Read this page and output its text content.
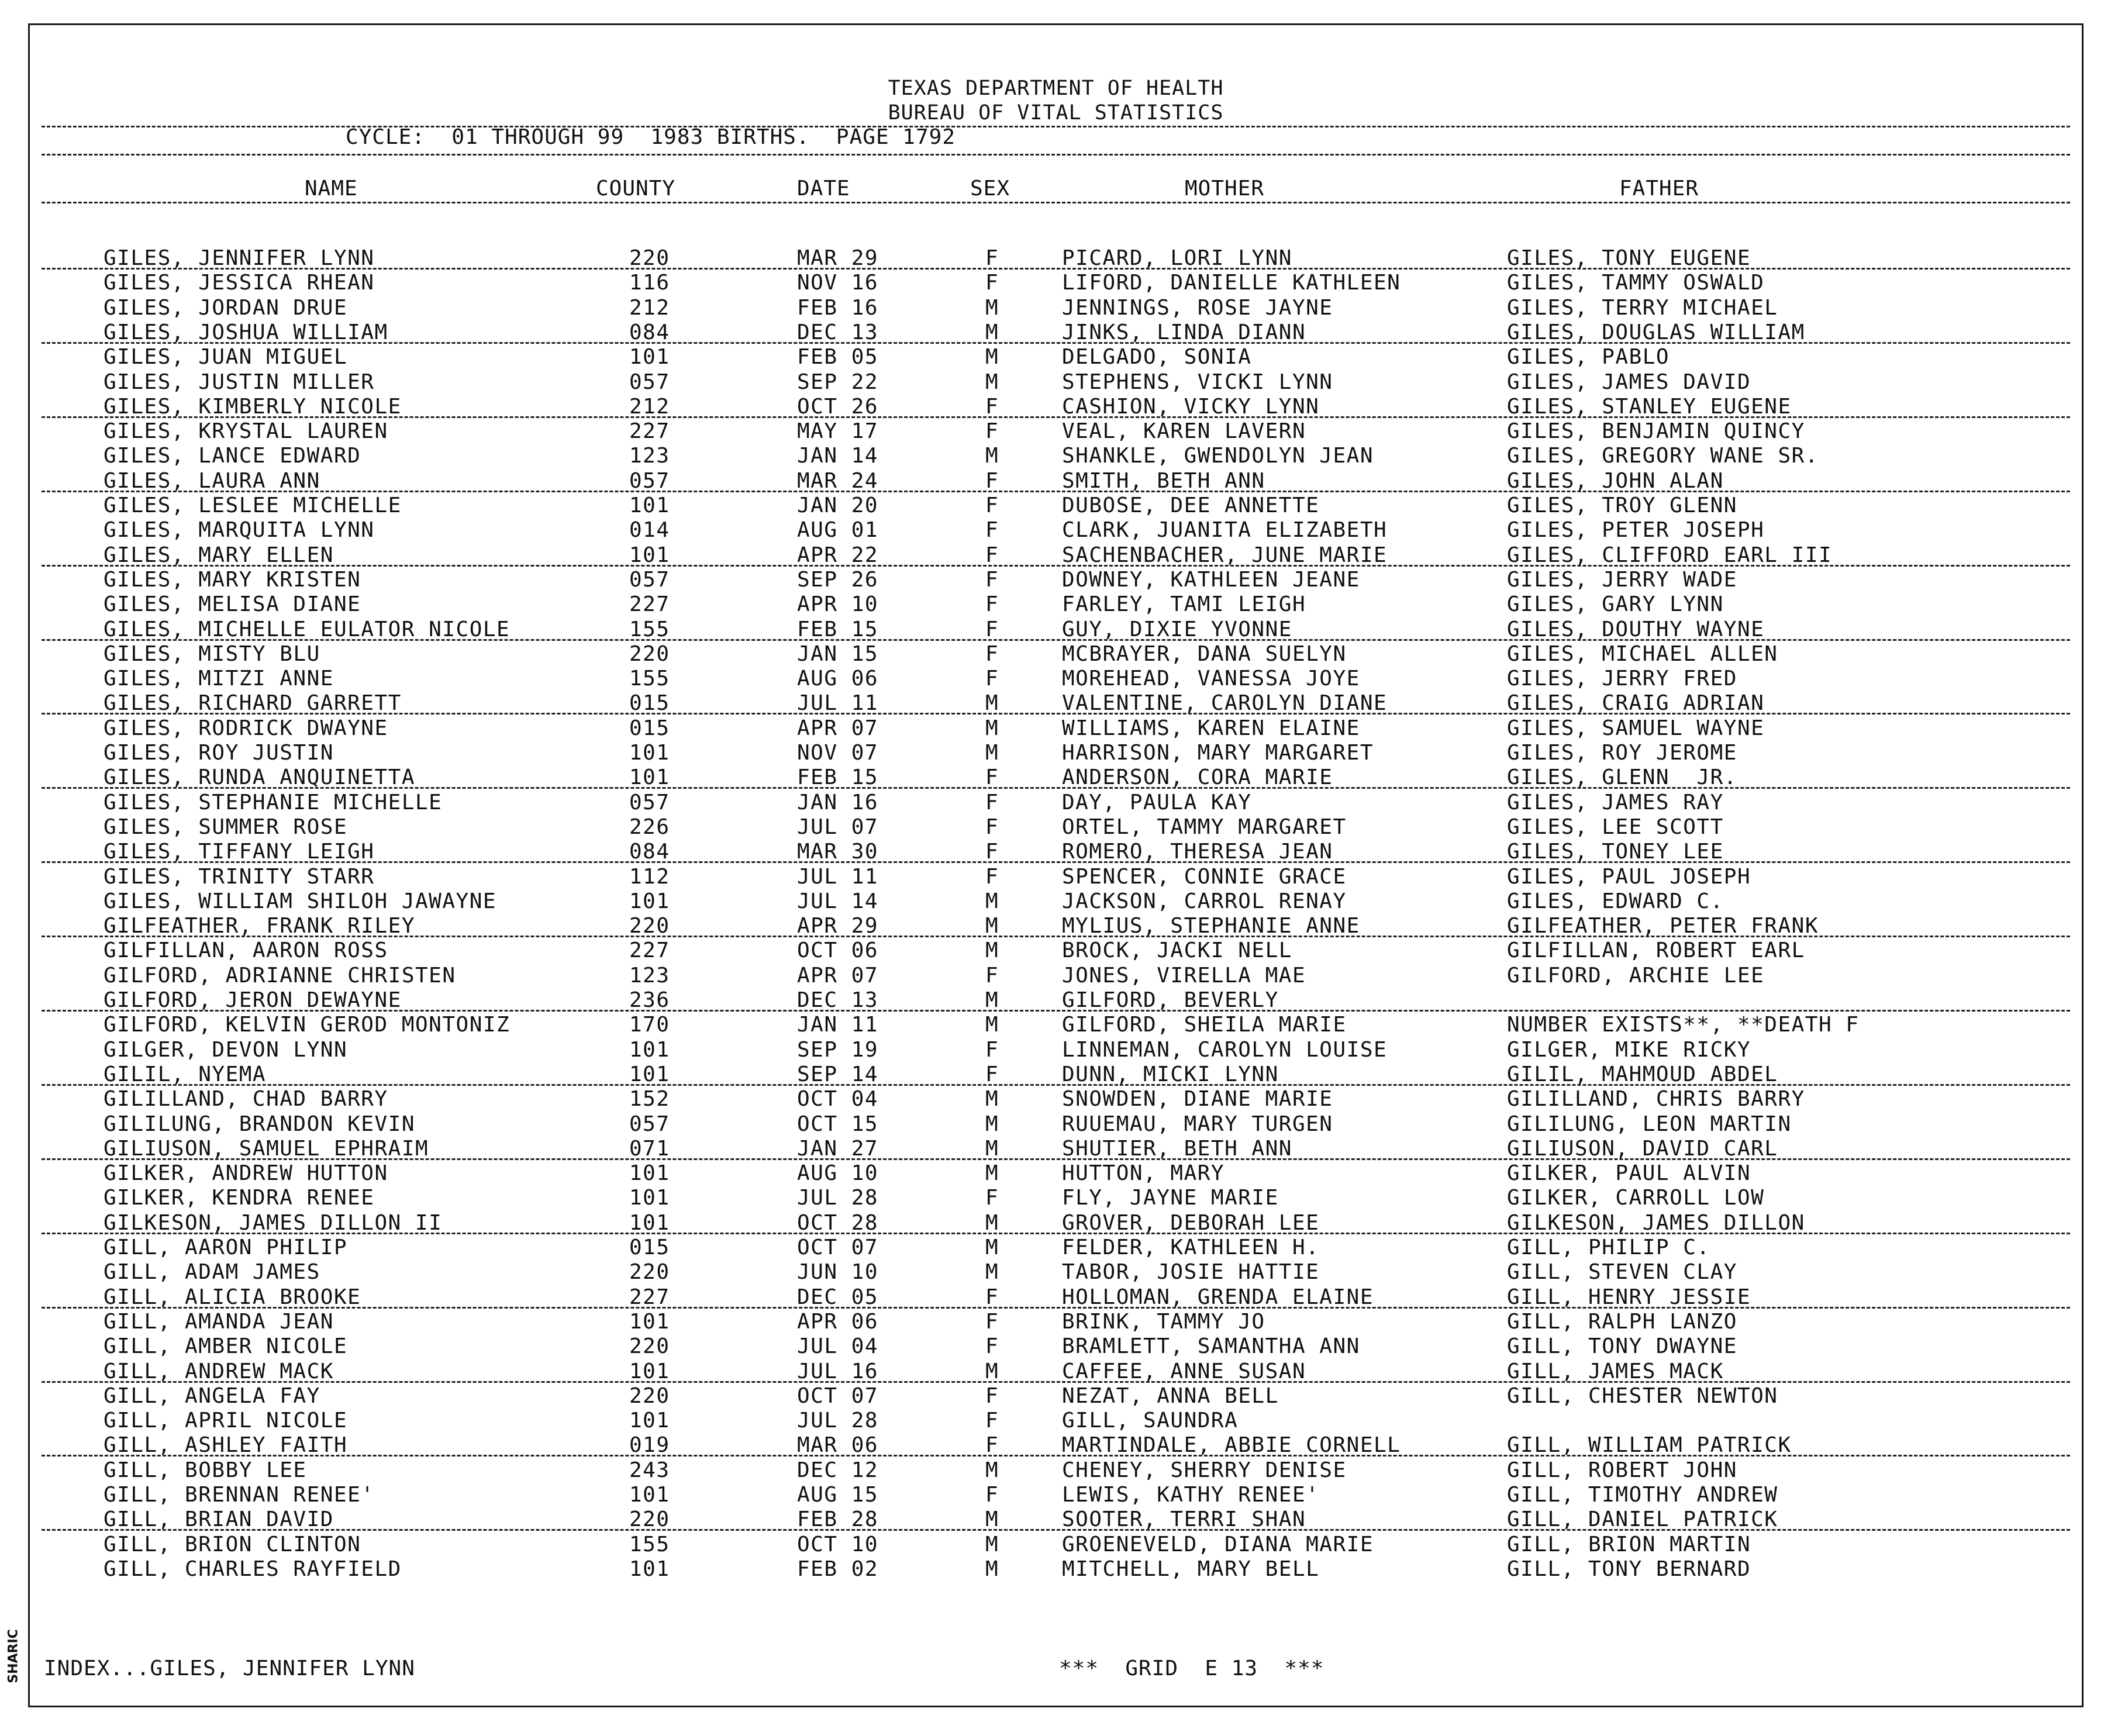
TEXAS DEPARTMENT OF HEALTH
BUREAU OF VITAL STATISTICS
CYCLE:  01 THROUGH 99  1983 BIRTHS.  PAGE 1792
NAME	COUNTY	DATE	SEX	MOTHER	FATHER
GILES, JENNIFER LYNN	220	MAR 29	F	PICARD, LORI LYNN	GILES, TONY EUGENE
GILES, JESSICA RHEAN	116	NOV 16	F	LIFORD, DANIELLE KATHLEEN	GILES, TAMMY OSWALD
GILES, JORDAN DRUE	212	FEB 16	M	JENNINGS, ROSE JAYNE	GILES, TERRY MICHAEL
GILES, JOSHUA WILLIAM	084	DEC 13	M	JINKS, LINDA DIANN	GILES, DOUGLAS WILLIAM
GILES, JUAN MIGUEL	101	FEB 05	M	DELGADO, SONIA	GILES, PABLO
GILES, JUSTIN MILLER	057	SEP 22	M	STEPHENS, VICKI LYNN	GILES, JAMES DAVID
GILES, KIMBERLY NICOLE	212	OCT 26	F	CASHION, VICKY LYNN	GILES, STANLEY EUGENE
GILES, KRYSTAL LAUREN	227	MAY 17	F	VEAL, KAREN LAVERN	GILES, BENJAMIN QUINCY
GILES, LANCE EDWARD	123	JAN 14	M	SHANKLE, GWENDOLYN JEAN	GILES, GREGORY WANE SR.
GILES, LAURA ANN	057	MAR 24	F	SMITH, BETH ANN	GILES, JOHN ALAN
GILES, LESLEE MICHELLE	101	JAN 20	F	DUBOSE, DEE ANNETTE	GILES, TROY GLENN
GILES, MARQUITA LYNN	014	AUG 01	F	CLARK, JUANITA ELIZABETH	GILES, PETER JOSEPH
GILES, MARY ELLEN	101	APR 22	F	SACHENBACHER, JUNE MARIE	GILES, CLIFFORD EARL III
GILES, MARY KRISTEN	057	SEP 26	F	DOWNEY, KATHLEEN JEANE	GILES, JERRY WADE
GILES, MELISA DIANE	227	APR 10	F	FARLEY, TAMI LEIGH	GILES, GARY LYNN
GILES, MICHELLE EULATOR NICOLE	155	FEB 15	F	GUY, DIXIE YVONNE	GILES, DOUTHY WAYNE
GILES, MISTY BLU	220	JAN 15	F	MCBRAYER, DANA SUELYN	GILES, MICHAEL ALLEN
GILES, MITZI ANNE	155	AUG 06	F	MOREHEAD, VANESSA JOYE	GILES, JERRY FRED
GILES, RICHARD GARRETT	015	JUL 11	M	VALENTINE, CAROLYN DIANE	GILES, CRAIG ADRIAN
GILES, RODRICK DWAYNE	015	APR 07	M	WILLIAMS, KAREN ELAINE	GILES, SAMUEL WAYNE
GILES, ROY JUSTIN	101	NOV 07	M	HARRISON, MARY MARGARET	GILES, ROY JEROME
GILES, RUNDA ANQUINETTA	101	FEB 15	F	ANDERSON, CORA MARIE	GILES, GLENN  JR.
GILES, STEPHANIE MICHELLE	057	JAN 16	F	DAY, PAULA KAY	GILES, JAMES RAY
GILES, SUMMER ROSE	226	JUL 07	F	ORTEL, TAMMY MARGARET	GILES, LEE SCOTT
GILES, TIFFANY LEIGH	084	MAR 30	F	ROMERO, THERESA JEAN	GILES, TONEY LEE
GILES, TRINITY STARR	112	JUL 11	F	SPENCER, CONNIE GRACE	GILES, PAUL JOSEPH
GILES, WILLIAM SHILOH JAWAYNE	101	JUL 14	M	JACKSON, CARROL RENAY	GILES, EDWARD C.
GILFEATHER, FRANK RILEY	220	APR 29	M	MYLIUS, STEPHANIE ANNE	GILFEATHER, PETER FRANK
GILFILLAN, AARON ROSS	227	OCT 06	M	BROCK, JACKI NELL	GILFILLAN, ROBERT EARL
GILFORD, ADRIANNE CHRISTEN	123	APR 07	F	JONES, VIRELLA MAE	GILFORD, ARCHIE LEE
GILFORD, JERON DEWAYNE	236	DEC 13	M	GILFORD, BEVERLY
GILFORD, KELVIN GEROD MONTONIZ	170	JAN 11	M	GILFORD, SHEILA MARIE	NUMBER EXISTS**, **DEATH F
GILGER, DEVON LYNN	101	SEP 19	F	LINNEMAN, CAROLYN LOUISE	GILGER, MIKE RICKY
GILIL, NYEMA	101	SEP 14	F	DUNN, MICKI LYNN	GILIL, MAHMOUD ABDEL
GILILLAND, CHAD BARRY	152	OCT 04	M	SNOWDEN, DIANE MARIE	GILILLAND, CHRIS BARRY
GILILUNG, BRANDON KEVIN	057	OCT 15	M	RUUEMAU, MARY TURGEN	GILILUNG, LEON MARTIN
GILIUSON, SAMUEL EPHRAIM	071	JAN 27	M	SHUTIER, BETH ANN	GILIUSON, DAVID CARL
GILKER, ANDREW HUTTON	101	AUG 10	M	HUTTON, MARY	GILKER, PAUL ALVIN
GILKER, KENDRA RENEE	101	JUL 28	F	FLY, JAYNE MARIE	GILKER, CARROLL LOW
GILKESON, JAMES DILLON II	101	OCT 28	M	GROVER, DEBORAH LEE	GILKESON, JAMES DILLON
GILL, AARON PHILIP	015	OCT 07	M	FELDER, KATHLEEN H.	GILL, PHILIP C.
GILL, ADAM JAMES	220	JUN 10	M	TABOR, JOSIE HATTIE	GILL, STEVEN CLAY
GILL, ALICIA BROOKE	227	DEC 05	F	HOLLOMAN, GRENDA ELAINE	GILL, HENRY JESSIE
GILL, AMANDA JEAN	101	APR 06	F	BRINK, TAMMY JO	GILL, RALPH LANZO
GILL, AMBER NICOLE	220	JUL 04	F	BRAMLETT, SAMANTHA ANN	GILL, TONY DWAYNE
GILL, ANDREW MACK	101	JUL 16	M	CAFFEE, ANNE SUSAN	GILL, JAMES MACK
GILL, ANGELA FAY	220	OCT 07	F	NEZAT, ANNA BELL	GILL, CHESTER NEWTON
GILL, APRIL NICOLE	101	JUL 28	F	GILL, SAUNDRA
GILL, ASHLEY FAITH	019	MAR 06	F	MARTINDALE, ABBIE CORNELL	GILL, WILLIAM PATRICK
GILL, BOBBY LEE	243	DEC 12	M	CHENEY, SHERRY DENISE	GILL, ROBERT JOHN
GILL, BRENNAN RENEE'	101	AUG 15	F	LEWIS, KATHY RENEE'	GILL, TIMOTHY ANDREW
GILL, BRIAN DAVID	220	FEB 28	M	SOOTER, TERRI SHAN	GILL, DANIEL PATRICK
GILL, BRION CLINTON	155	OCT 10	M	GROENEVELD, DIANA MARIE	GILL, BRION MARTIN
GILL, CHARLES RAYFIELD	101	FEB 02	M	MITCHELL, MARY BELL	GILL, TONY BERNARD
INDEX...GILES, JENNIFER LYNN	***  GRID  E 13  ***
SHARIC
